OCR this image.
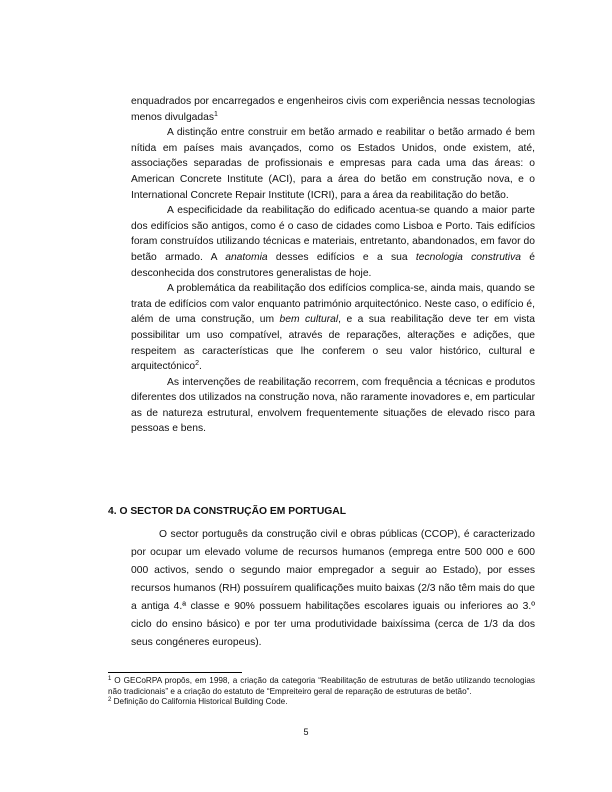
enquadrados por encarregados e engenheiros civis com experiência nessas tecnologias menos divulgadas$^1$

A distinção entre construir em betão armado e reabilitar o betão armado é bem nítida em países mais avançados, como os Estados Unidos, onde existem, até, associações separadas de profissionais e empresas para cada uma das áreas: o American Concrete Institute (ACI), para a área do betão em construção nova, e o International Concrete Repair Institute (ICRI), para a área da reabilitação do betão.

A especificidade da reabilitação do edificado acentua-se quando a maior parte dos edifícios são antigos, como é o caso de cidades como Lisboa e Porto. Tais edifícios foram construídos utilizando técnicas e materiais, entretanto, abandonados, em favor do betão armado. A anatomia desses edifícios e a sua tecnologia construtiva é desconhecida dos construtores generalistas de hoje.

A problemática da reabilitação dos edifícios complica-se, ainda mais, quando se trata de edifícios com valor enquanto património arquitectónico. Neste caso, o edifício é, além de uma construção, um bem cultural, e a sua reabilitação deve ter em vista possibilitar um uso compatível, através de reparações, alterações e adições, que respeitem as características que lhe conferem o seu valor histórico, cultural e arquitectónico$^2$.

As intervenções de reabilitação recorrem, com frequência a técnicas e produtos diferentes dos utilizados na construção nova, não raramente inovadores e, em particular as de natureza estrutural, envolvem frequentemente situações de elevado risco para pessoas e bens.

4. O SECTOR DA CONSTRUÇÃO EM PORTUGAL

O sector português da construção civil e obras públicas (CCOP), é caracterizado por ocupar um elevado volume de recursos humanos (emprega entre 500 000 e 600 000 activos, sendo o segundo maior empregador a seguir ao Estado), por esses recursos humanos (RH) possuírem qualificações muito baixas (2/3 não têm mais do que a antiga 4.ª classe e 90% possuem habilitações escolares iguais ou inferiores ao 3.º ciclo do ensino básico) e por ter uma produtividade baixíssima (cerca de 1/3 da dos seus congéneres europeus).

$^1$ O GECoRPA propôs, em 1998, a criação da categoria “Reabilitação de estruturas de betão utilizando tecnologias não tradicionais” e a criação do estatuto de “Empreiteiro geral de reparação de estruturas de betão”.
$^2$ Definição do California Historical Building Code.
5
